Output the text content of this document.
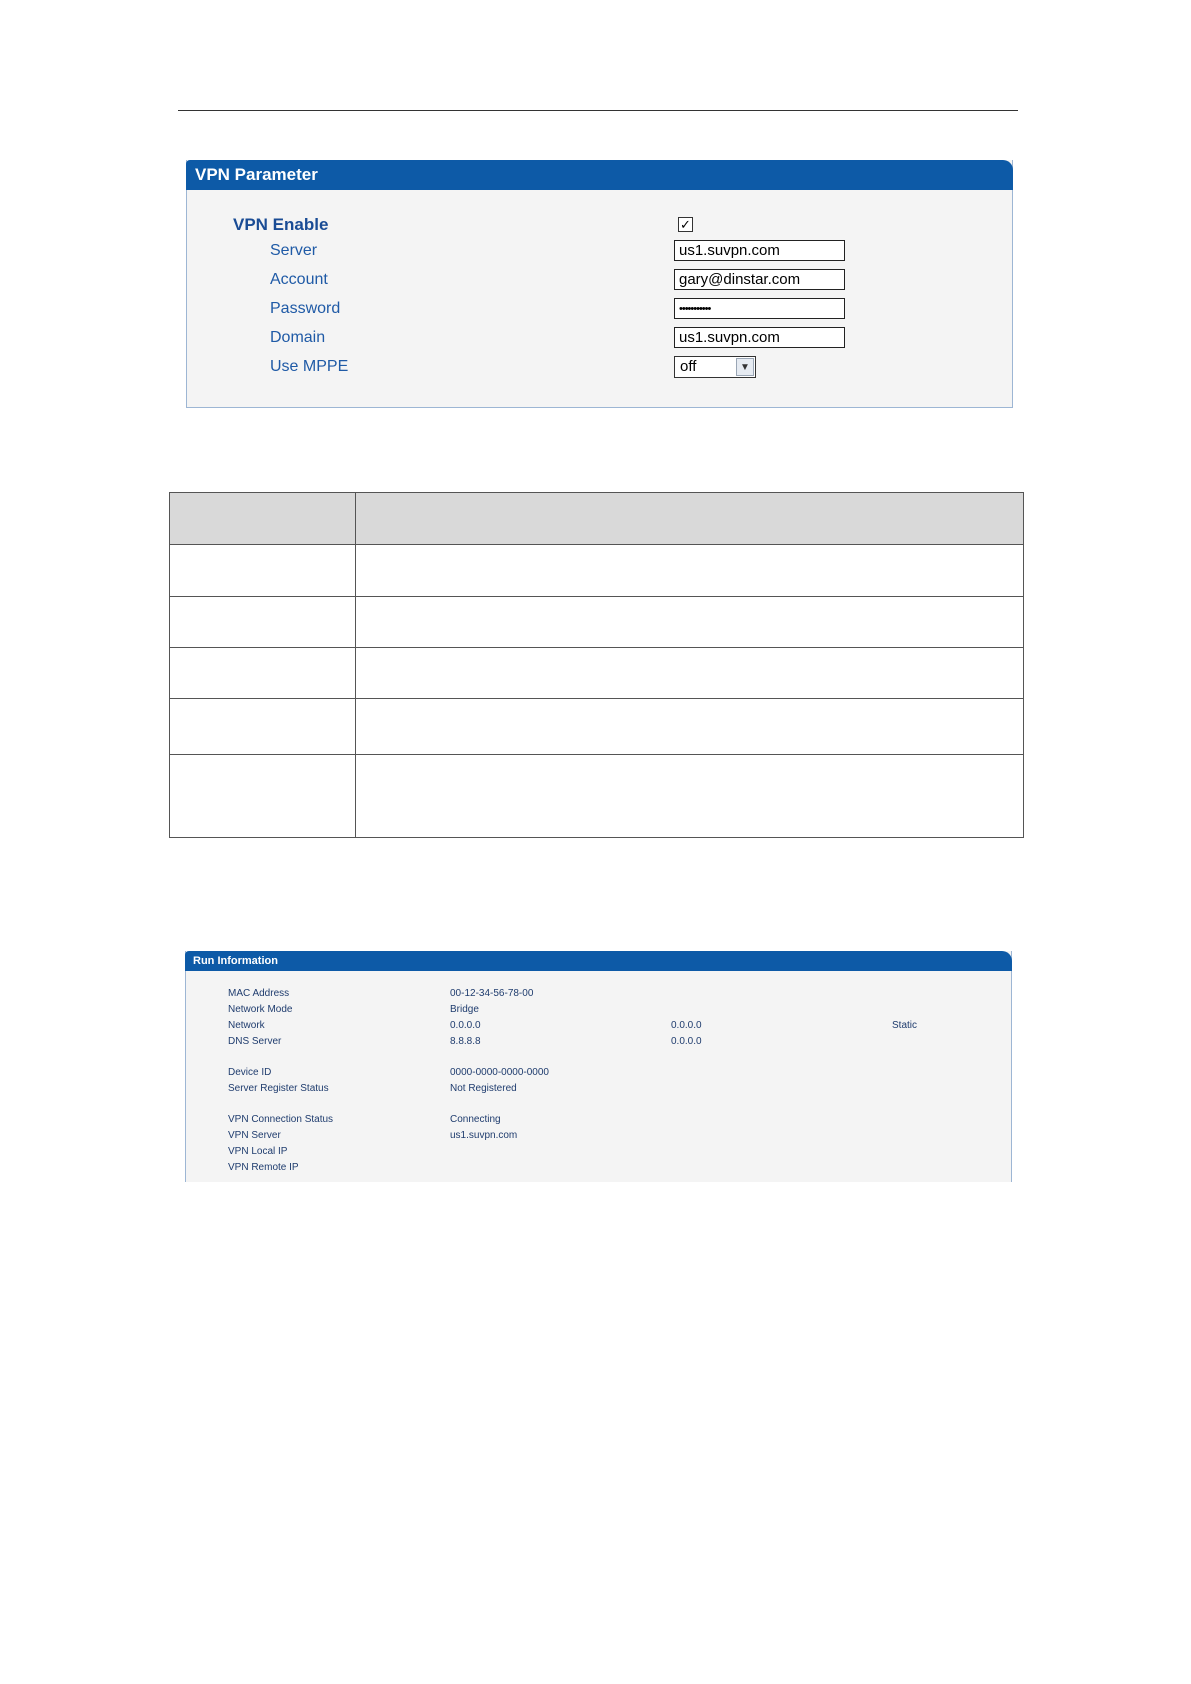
VPN Parameter
VPN Enable	✓
Server	us1.suvpn.com
Account	gary@dinstar.com
Password	•••••••••••
Domain	us1.suvpn.com
Use MPPE	off	▼

Run Information
MAC Address	00-12-34-56-78-00
Network Mode	Bridge
Network	0.0.0.0	0.0.0.0	Static
DNS Server	8.8.8.8	0.0.0.0
Device ID	0000-0000-0000-0000
Server Register Status	Not Registered
VPN Connection Status	Connecting
VPN Server	us1.suvpn.com
VPN Local IP
VPN Remote IP
